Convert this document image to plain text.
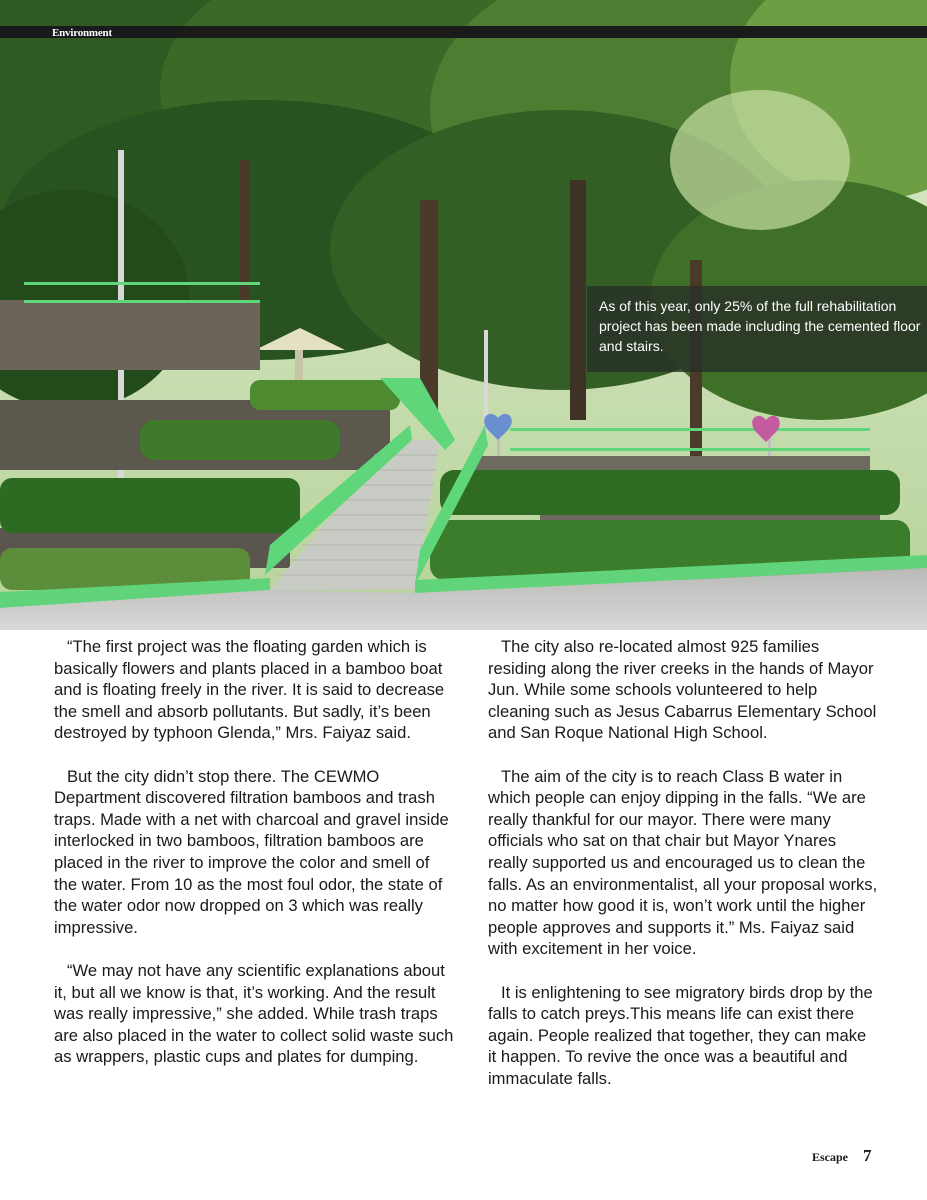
Environment
As of this year, only 25% of the full rehabilitation project has been made including the cemented floor and stairs.

“The first project was the floating garden which is basically flowers and plants placed in a bamboo boat and is floating freely in the river. It is said to decrease the smell and absorb pollutants. But sadly, it’s been destroyed by typhoon Glenda,” Mrs. Faiyaz said.

But the city didn’t stop there. The CEWMO Department discovered filtration bamboos and trash traps. Made with a net with charcoal and gravel inside interlocked in two bamboos, filtration bamboos are placed in the river to improve the color and smell of the water. From 10 as the most foul odor, the state of the water odor now dropped on 3 which was really impressive.

“We may not have any scientific explanations about it, but all we know is that, it’s working. And the result was really impressive,” she added. While trash traps are also placed in the water to collect solid waste such as wrappers, plastic cups and plates for dumping.

The city also re-located almost 925 families residing along the river creeks in the hands of Mayor Jun. While some schools volunteered to help cleaning such as Jesus Cabarrus Elementary School and San Roque National High School.

The aim of the city is to reach Class B water in which people can enjoy dipping in the falls. “We are really thankful for our mayor. There were many officials who sat on that chair but Mayor Ynares really supported us and encouraged us to clean the falls. As an environmentalist, all your proposal works, no matter how good it is, won’t work until the higher people approves and supports it.” Ms. Faiyaz said with excitement in her voice.

It is enlightening to see migratory birds drop by the falls to catch preys.This means life can exist there again. People realized that together, they can make it happen. To revive the once was a beautiful and immaculate falls.

Escape 7
